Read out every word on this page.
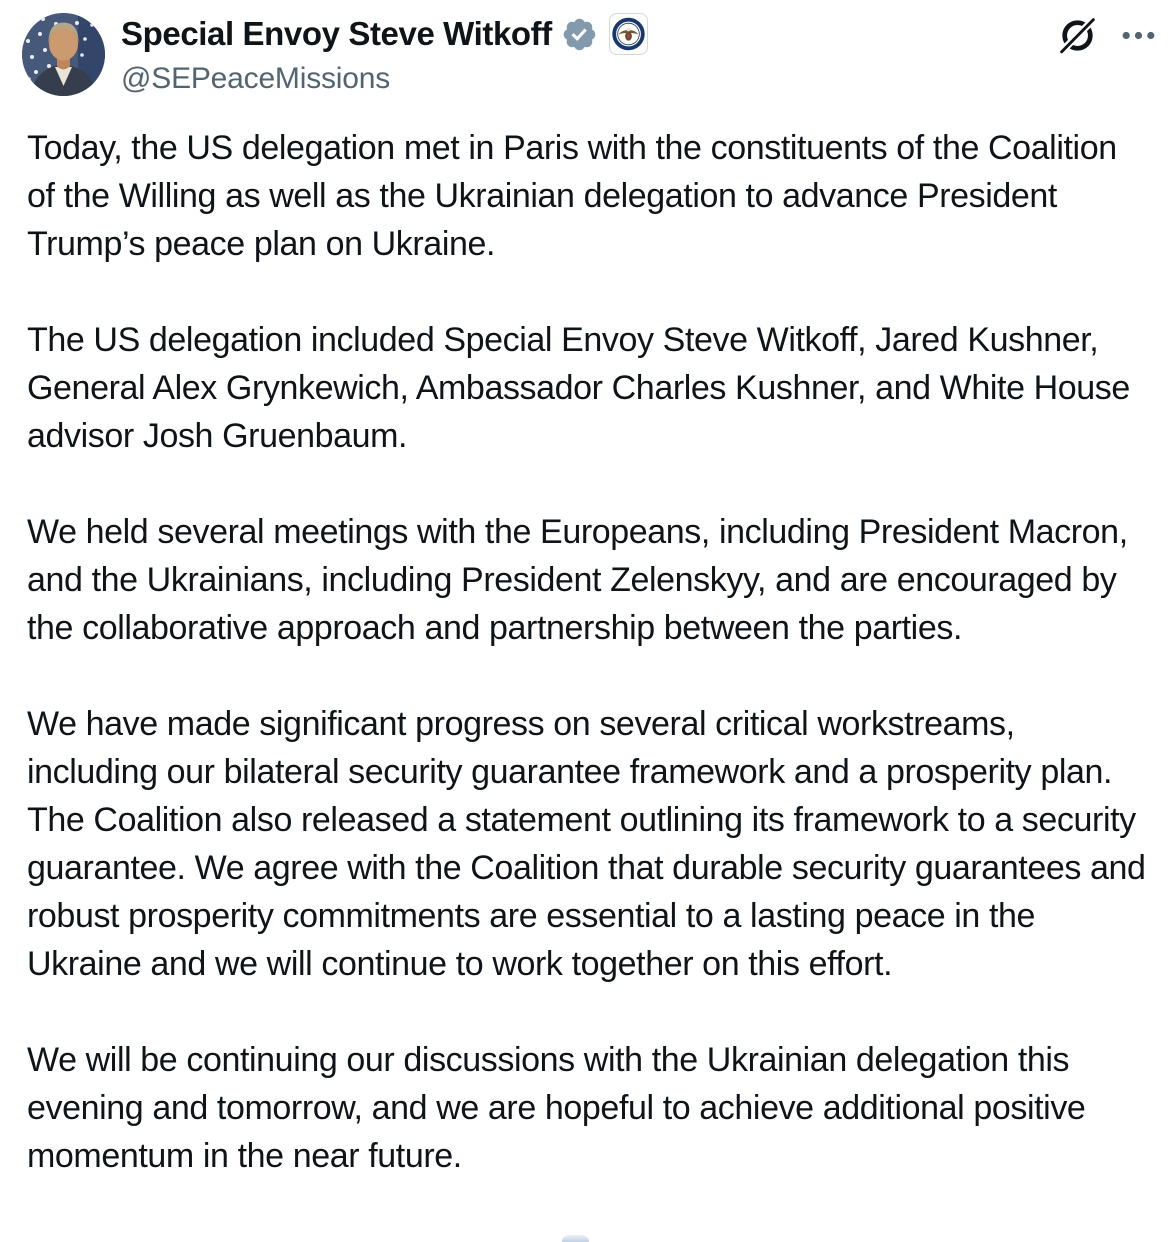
Special Envoy Steve Witkoff
@SEPeaceMissions

Today, the US delegation met in Paris with the constituents of the Coalition of the Willing as well as the Ukrainian delegation to advance President Trump’s peace plan on Ukraine.

The US delegation included Special Envoy Steve Witkoff, Jared Kushner, General Alex Grynkewich, Ambassador Charles Kushner, and White House advisor Josh Gruenbaum.

We held several meetings with the Europeans, including President Macron, and the Ukrainians, including President Zelenskyy, and are encouraged by the collaborative approach and partnership between the parties.

We have made significant progress on several critical workstreams, including our bilateral security guarantee framework and a prosperity plan. The Coalition also released a statement outlining its framework to a security guarantee. We agree with the Coalition that durable security guarantees and robust prosperity commitments are essential to a lasting peace in the Ukraine and we will continue to work together on this effort.

We will be continuing our discussions with the Ukrainian delegation this evening and tomorrow, and we are hopeful to achieve additional positive momentum in the near future.
